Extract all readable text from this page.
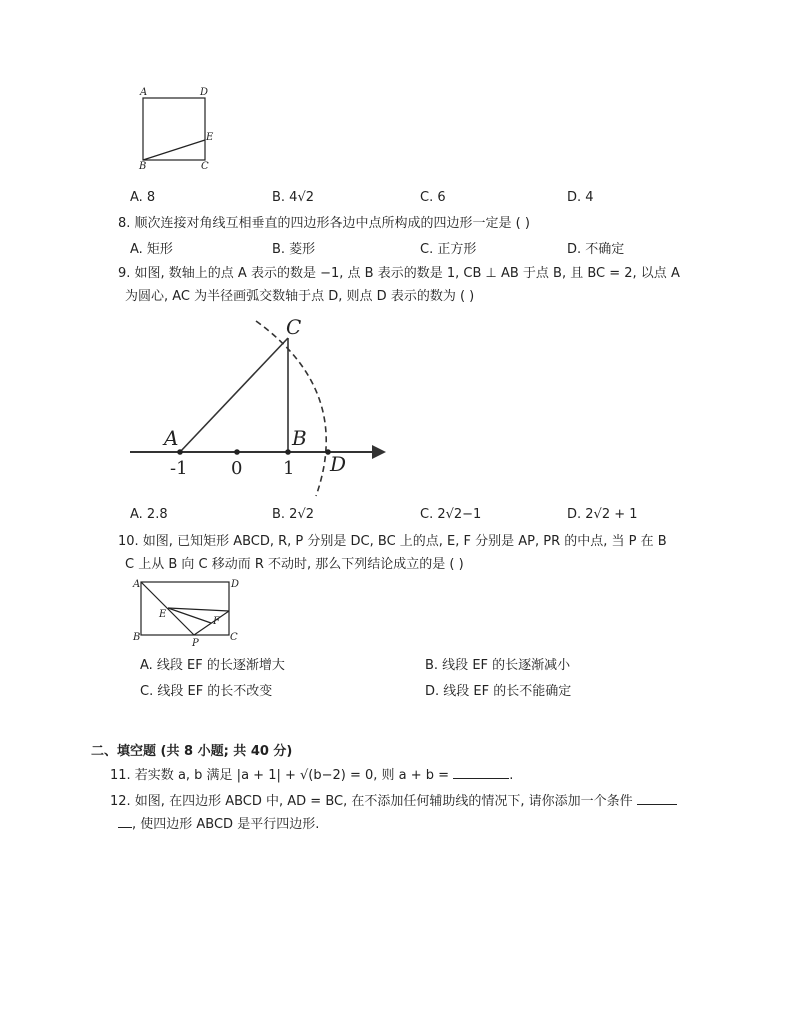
A	D
E
B	C
A. 8	B. 4√2	C. 6	D. 4
8. 顺次连接对角线互相垂直的四边形各边中点所构成的四边形一定是 ( )
A. 矩形	B. 菱形	C. 正方形	D. 不确定
9. 如图, 数轴上的点 A 表示的数是 −1, 点 B 表示的数是 1, CB ⊥ AB 于点 B, 且 BC = 2, 以点 A
为圆心, AC 为半径画弧交数轴于点 D, 则点 D 表示的数为 ( )
C
A	B
D
-1 0 1
A. 2.8	B. 2√2	C. 2√2−1	D. 2√2 + 1
10. 如图, 已知矩形 ABCD, R, P 分别是 DC, BC 上的点, E, F 分别是 AP, PR 的中点, 当 P 在 B
C 上从 B 向 C 移动而 R 不动时, 那么下列结论成立的是 ( )
A	D
E
F
B
P
C
A. 线段 EF 的长逐渐增大	B. 线段 EF 的长逐渐减小
C. 线段 EF 的长不改变	D. 线段 EF 的长不能确定
二、填空题 (共 8 小题; 共 40 分)
11. 若实数 a, b 满足 |a + 1| + √(b−2) = 0, 则 a + b =	.
12. 如图, 在四边形 ABCD 中, AD = BC, 在不添加任何辅助线的情况下, 请你添加一个条件
, 使四边形 ABCD 是平行四边形.
